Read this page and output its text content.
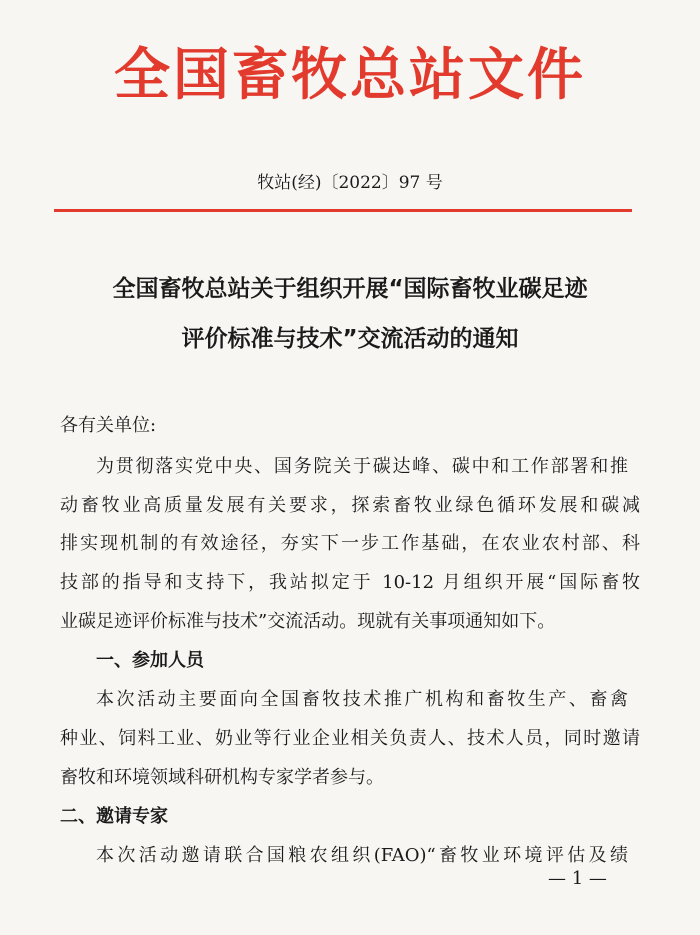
全国畜牧总站文件
牧站(经)〔2022〕97 号
全国畜牧总站关于组织开展“国际畜牧业碳足迹
评价标准与技术”交流活动的通知
各有关单位:
为贯彻落实党中央、国务院关于碳达峰、碳中和工作部署和推
动畜牧业高质量发展有关要求，探索畜牧业绿色循环发展和碳减
排实现机制的有效途径，夯实下一步工作基础，在农业农村部、科
技部的指导和支持下，我站拟定于 10-12 月组织开展“国际畜牧
业碳足迹评价标准与技术”交流活动。现就有关事项通知如下。
一、参加人员
本次活动主要面向全国畜牧技术推广机构和畜牧生产、畜禽
种业、饲料工业、奶业等行业企业相关负责人、技术人员，同时邀请
畜牧和环境领域科研机构专家学者参与。
二、邀请专家
本次活动邀请联合国粮农组织(FAO)“畜牧业环境评估及绩
— 1 —
